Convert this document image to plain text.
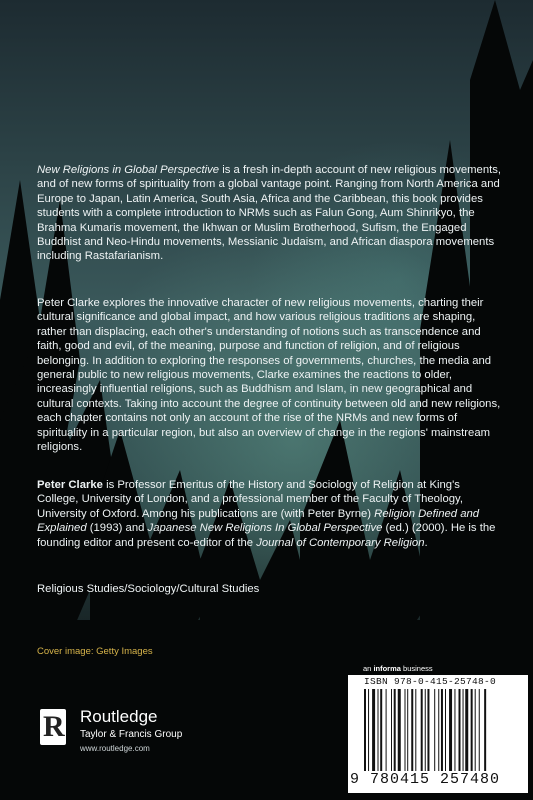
New Religions in Global Perspective is a fresh in-depth account of new religious movements, and of new forms of spirituality from a global vantage point. Ranging from North America and Europe to Japan, Latin America, South Asia, Africa and the Caribbean, this book provides students with a complete introduction to NRMs such as Falun Gong, Aum Shinrikyo, the Brahma Kumaris movement, the Ikhwan or Muslim Brotherhood, Sufism, the Engaged Buddhist and Neo-Hindu movements, Messianic Judaism, and African diaspora movements including Rastafarianism.
Peter Clarke explores the innovative character of new religious movements, charting their cultural significance and global impact, and how various religious traditions are shaping, rather than displacing, each other's understanding of notions such as transcendence and faith, good and evil, of the meaning, purpose and function of religion, and of religious belonging. In addition to exploring the responses of governments, churches, the media and general public to new religious movements, Clarke examines the reactions to older, increasingly influential religions, such as Buddhism and Islam, in new geographical and cultural contexts. Taking into account the degree of continuity between old and new religions, each chapter contains not only an account of the rise of the NRMs and new forms of spirituality in a particular region, but also an overview of change in the regions' mainstream religions.
Peter Clarke is Professor Emeritus of the History and Sociology of Religion at King's College, University of London, and a professional member of the Faculty of Theology, University of Oxford. Among his publications are (with Peter Byrne) Religion Defined and Explained (1993) and Japanese New Religions In Global Perspective (ed.) (2000). He is the founding editor and present co-editor of the Journal of Contemporary Religion.
Religious Studies/Sociology/Cultural Studies
Cover image: Getty Images
R Routledge
Taylor & Francis Group
www.routledge.com
an informa business
ISBN 978-0-415-25748-0
9 780415 257480
